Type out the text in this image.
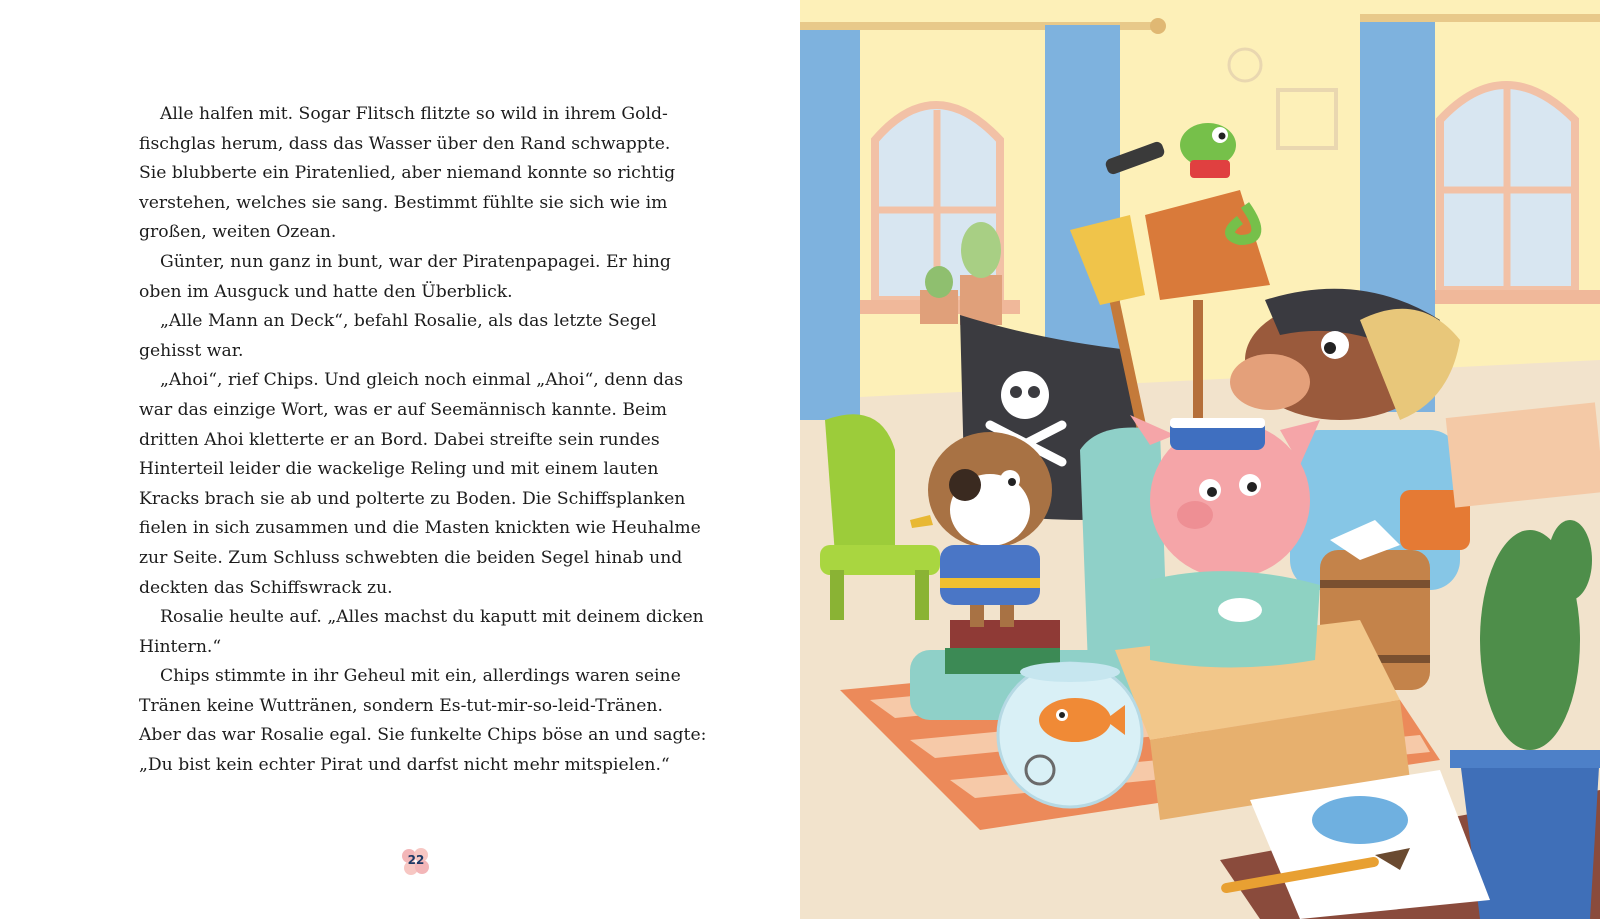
Alle halfen mit. Sogar Flitsch flitzte so wild in ihrem Gold-
fischglas herum, dass das Wasser über den Rand schwappte.
Sie blubberte ein Piratenlied, aber niemand konnte so richtig
verstehen, welches sie sang. Bestimmt fühlte sie sich wie im
großen, weiten Ozean.
Günter, nun ganz in bunt, war der Piratenpapagei. Er hing
oben im Ausguck und hatte den Überblick.
„Alle Mann an Deck“, befahl Rosalie, als das letzte Segel
gehisst war.
„Ahoi“, rief Chips. Und gleich noch einmal „Ahoi“, denn das
war das einzige Wort, was er auf Seemännisch kannte. Beim
dritten Ahoi kletterte er an Bord. Dabei streifte sein rundes
Hinterteil leider die wackelige Reling und mit einem lauten
Kracks brach sie ab und polterte zu Boden. Die Schiffsplanken
fielen in sich zusammen und die Masten knickten wie Heuhalme
zur Seite. Zum Schluss schwebten die beiden Segel hinab und
deckten das Schiffswrack zu.
Rosalie heulte auf. „Alles machst du kaputt mit deinem dicken
Hintern.“
Chips stimmte in ihr Geheul mit ein, allerdings waren seine
Tränen keine Wuttränen, sondern Es-tut-mir-so-leid-Tränen.
Aber das war Rosalie egal. Sie funkelte Chips böse an und sagte:
„Du bist kein echter Pirat und darfst nicht mehr mitspielen.“
22
